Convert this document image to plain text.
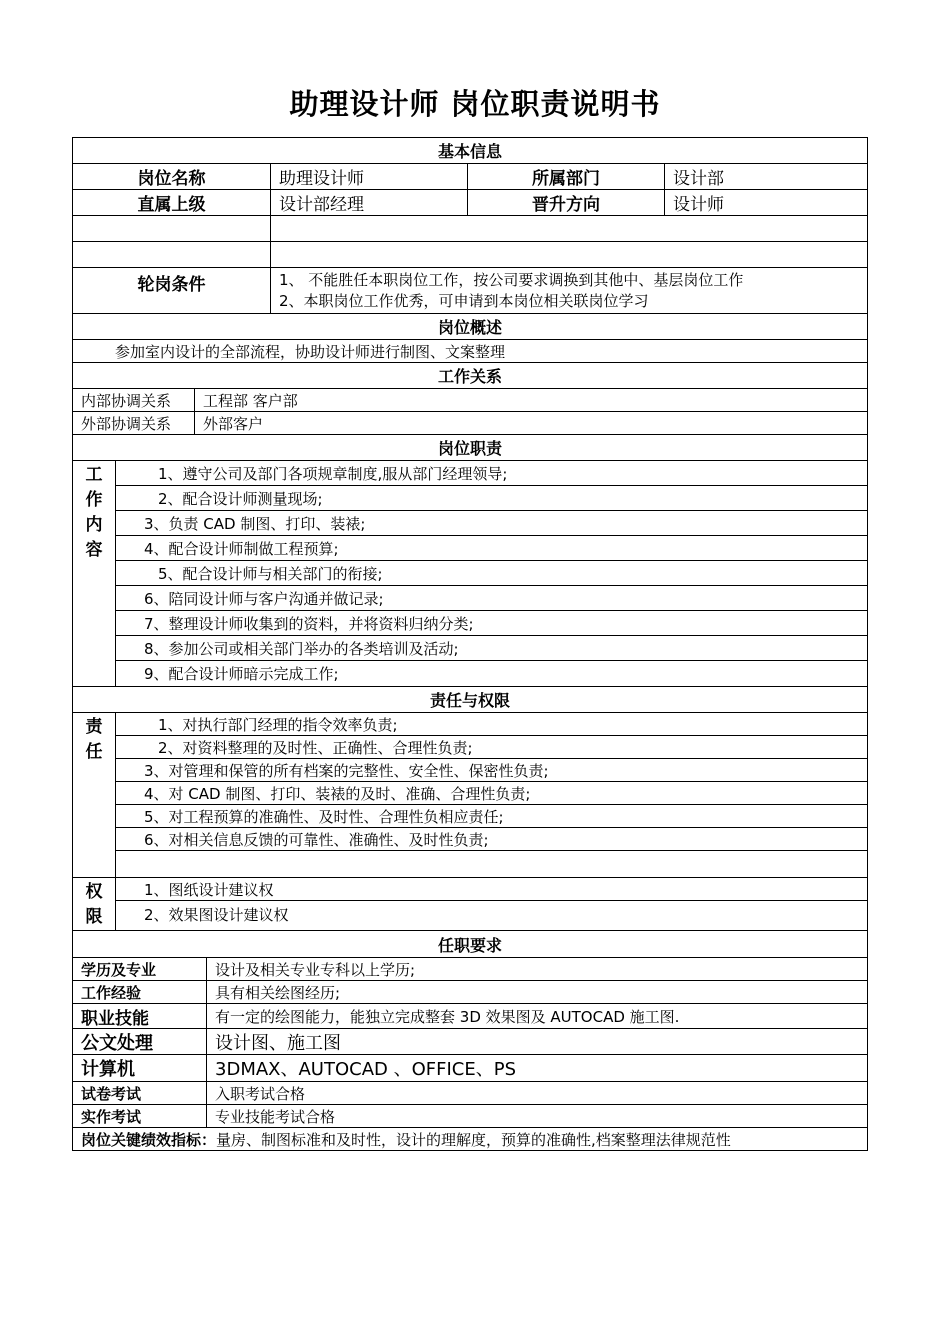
助理设计师 岗位职责说明书
基本信息
岗位名称	助理设计师	所属部门	设计部
直属上级	设计部经理	晋升方向	设计师
轮岗条件	1、 不能胜任本职岗位工作，按公司要求调换到其他中、基层岗位工作
2、本职岗位工作优秀，可申请到本岗位相关联岗位学习
岗位概述
参加室内设计的全部流程，协助设计师进行制图、文案整理
工作关系
内部协调关系	工程部 客户部
外部协调关系	外部客户
岗位职责
工
作
内
容
1、遵守公司及部门各项规章制度,服从部门经理领导;
2、配合设计师测量现场;
3、负责 CAD 制图、打印、装裱;
4、配合设计师制做工程预算;
5、配合设计师与相关部门的衔接;
6、陪同设计师与客户沟通并做记录;
7、整理设计师收集到的资料，并将资料归纳分类;
8、参加公司或相关部门举办的各类培训及活动;
9、配合设计师暗示完成工作;
责任与权限
责
任
1、对执行部门经理的指令效率负责;
2、对资料整理的及时性、正确性、合理性负责;
3、对管理和保管的所有档案的完整性、安全性、保密性负责;
4、对 CAD 制图、打印、装裱的及时、准确、合理性负责;
5、对工程预算的准确性、及时性、合理性负相应责任;
6、对相关信息反馈的可靠性、准确性、及时性负责;
权
限
1、图纸设计建议权
2、效果图设计建议权
任职要求
学历及专业	设计及相关专业专科以上学历;
工作经验	具有相关绘图经历;
职业技能	有一定的绘图能力，能独立完成整套 3D 效果图及 AUTOCAD 施工图.
公文处理	设计图、施工图
计算机	3DMAX、AUTOCAD 、OFFICE、PS
试卷考试	入职考试合格
实作考试	专业技能考试合格
岗位关键绩效指标： 量房、制图标准和及时性，设计的理解度，预算的准确性,档案整理法律规范性
